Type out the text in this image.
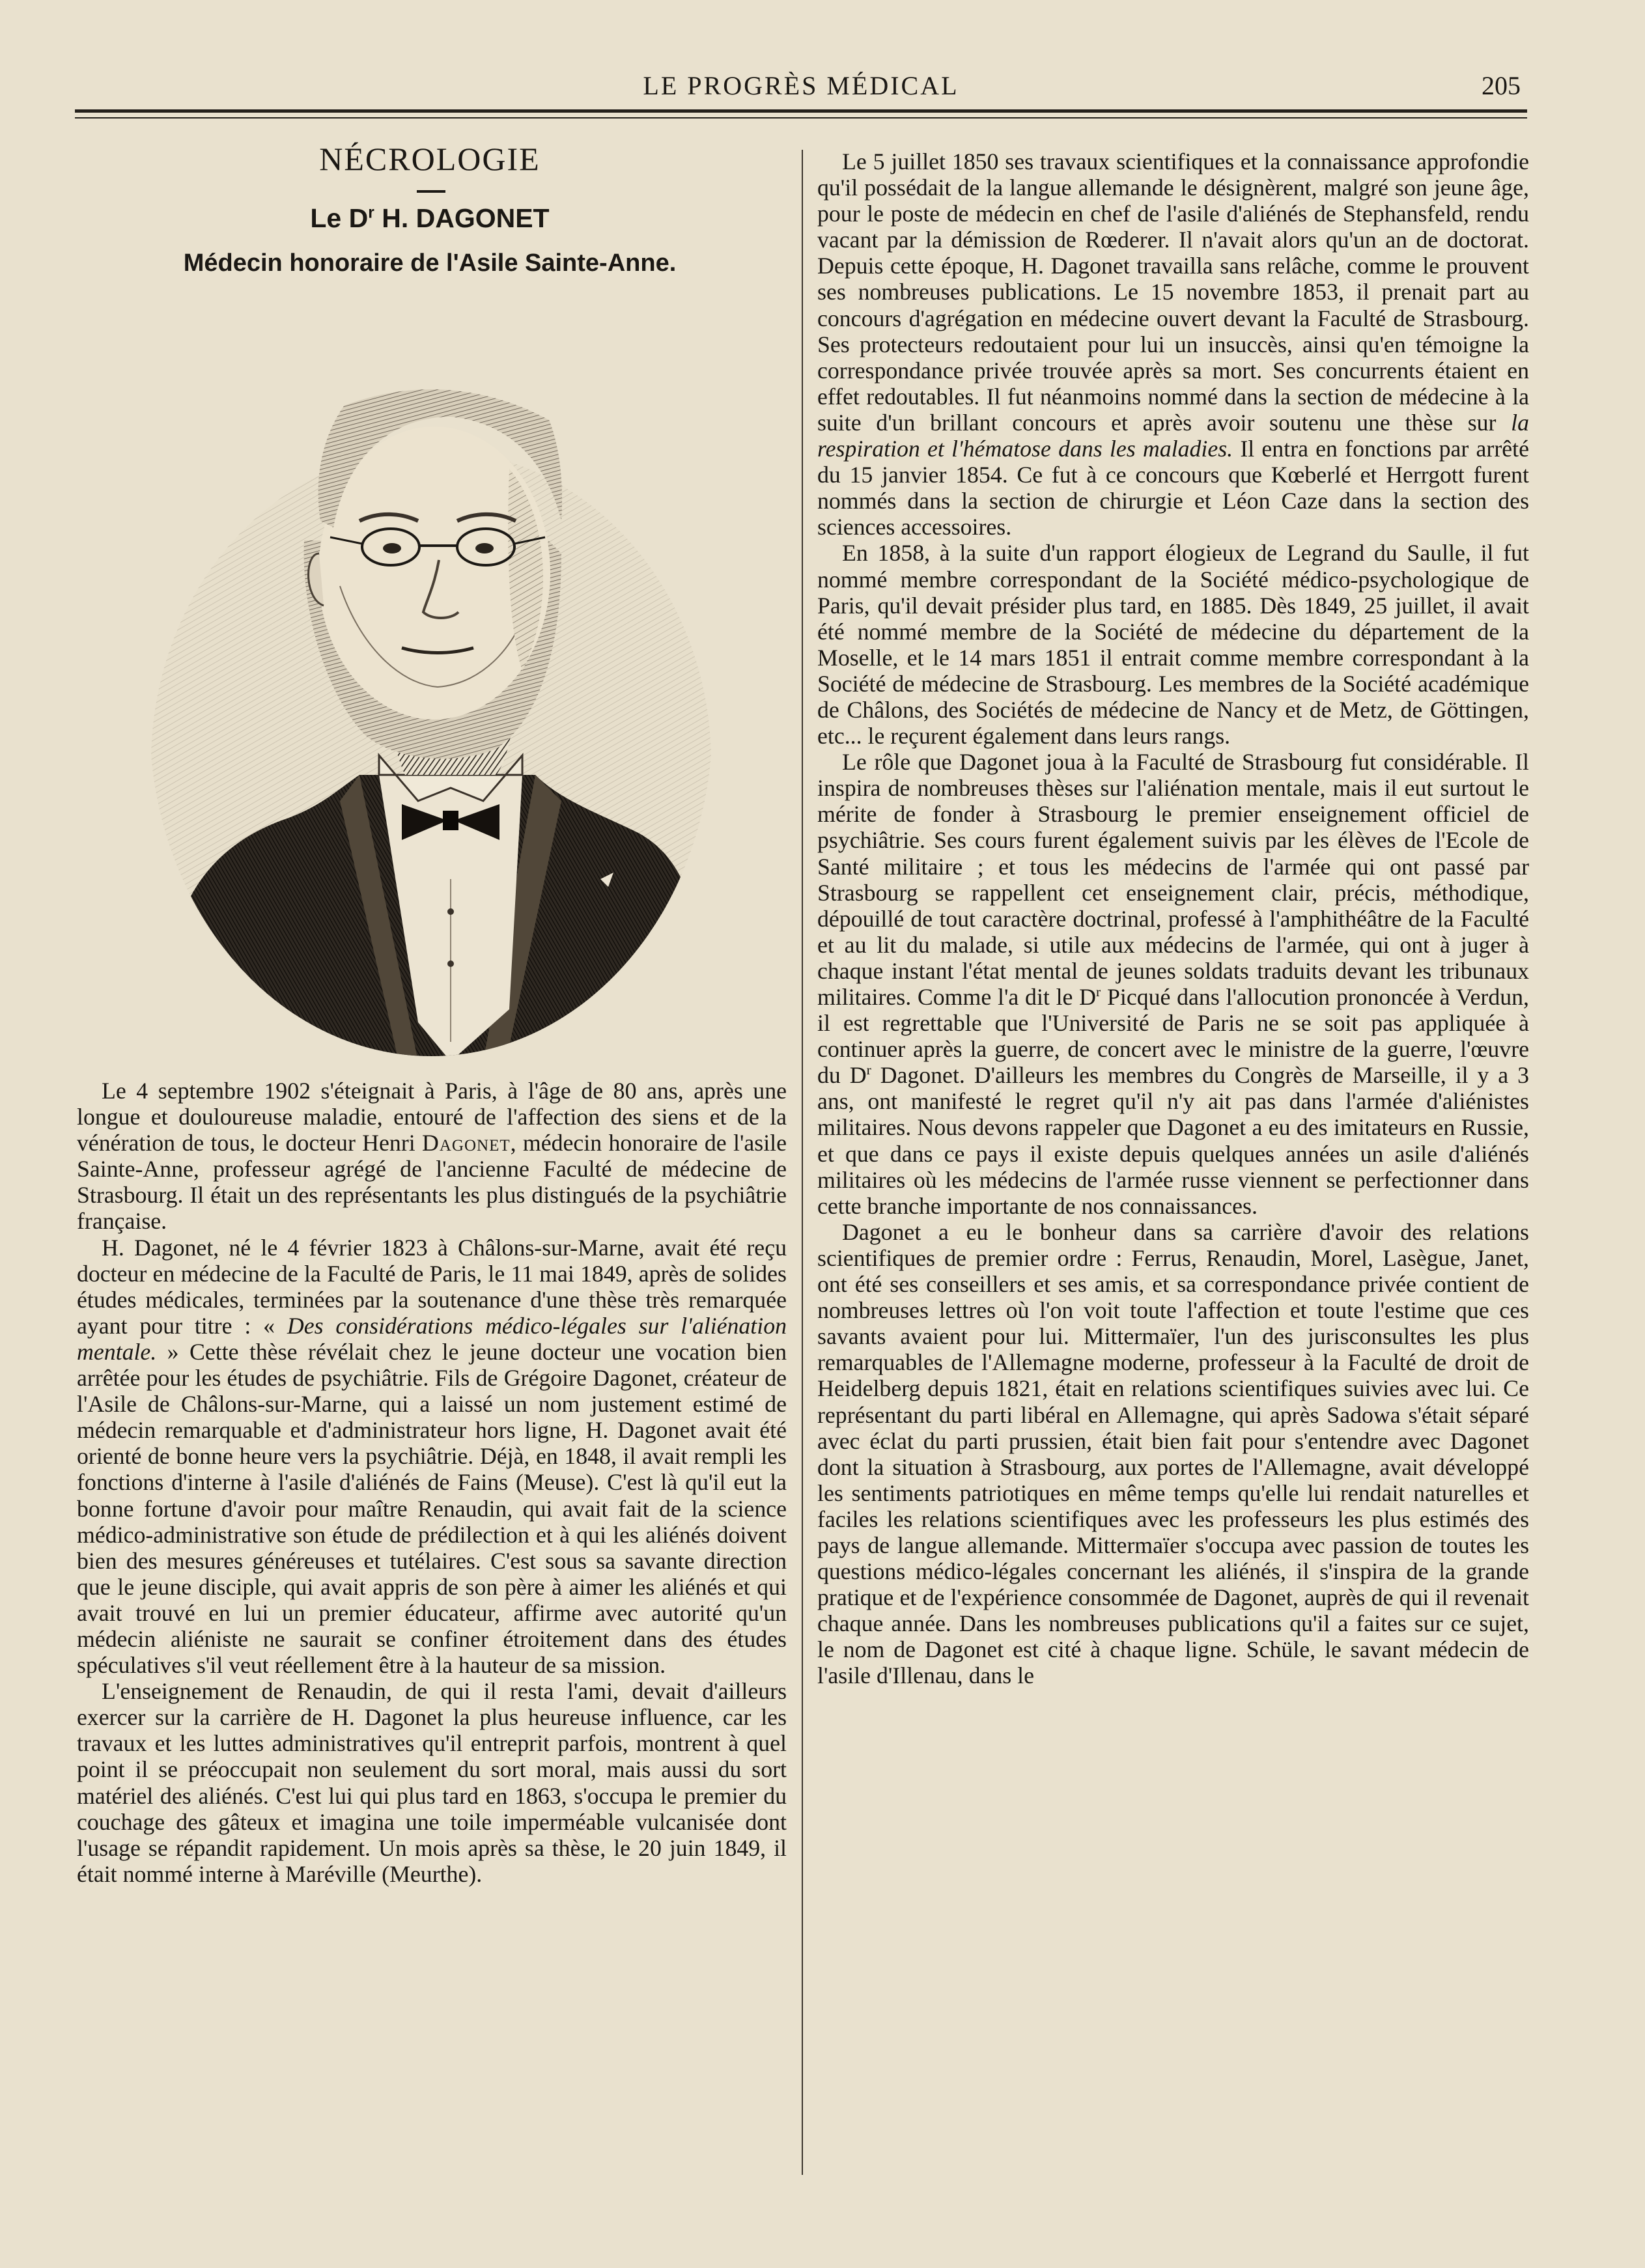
LE PROGRÈS MÉDICAL	205
NÉCROLOGIE
Le $D^r$ H. DAGONET
Médecin honoraire de l'Asile Sainte-Anne.

Le 4 septembre 1902 s'éteignait à Paris, à l'âge de 80 ans, après une longue et douloureuse maladie, entouré de l'affection des siens et de la vénération de tous, le docteur Henri Dagonet, médecin honoraire de l'asile Sainte-Anne, professeur agrégé de l'ancienne Faculté de médecine de Strasbourg. Il était un des représentants les plus distingués de la psychiâtrie française.

H. Dagonet, né le 4 février 1823 à Châlons-sur-Marne, avait été reçu docteur en médecine de la Faculté de Paris, le 11 mai 1849, après de solides études médicales, terminées par la soutenance d'une thèse très remarquée ayant pour titre : « Des considérations médico-légales sur l'aliénation mentale. » Cette thèse révélait chez le jeune docteur une vocation bien arrêtée pour les études de psychiâtrie. Fils de Grégoire Dagonet, créateur de l'Asile de Châlons-sur-Marne, qui a laissé un nom justement estimé de médecin remarquable et d'administrateur hors ligne, H. Dagonet avait été orienté de bonne heure vers la psychiâtrie. Déjà, en 1848, il avait rempli les fonctions d'interne à l'asile d'aliénés de Fains (Meuse). C'est là qu'il eut la bonne fortune d'avoir pour maître Renaudin, qui avait fait de la science médico-administrative son étude de prédilection et à qui les aliénés doivent bien des mesures généreuses et tutélaires. C'est sous sa savante direction que le jeune disciple, qui avait appris de son père à aimer les aliénés et qui avait trouvé en lui un premier éducateur, affirme avec autorité qu'un médecin aliéniste ne saurait se confiner étroitement dans des études spéculatives s'il veut réellement être à la hauteur de sa mission.

L'enseignement de Renaudin, de qui il resta l'ami, devait d'ailleurs exercer sur la carrière de H. Dagonet la plus heureuse influence, car les travaux et les luttes administratives qu'il entreprit parfois, montrent à quel point il se préoccupait non seulement du sort moral, mais aussi du sort matériel des aliénés. C'est lui qui plus tard en 1863, s'occupa le premier du couchage des gâteux et imagina une toile imperméable vulcanisée dont l'usage se répandit rapidement. Un mois après sa thèse, le 20 juin 1849, il était nommé interne à Maréville (Meurthe).

Le 5 juillet 1850 ses travaux scientifiques et la connaissance approfondie qu'il possédait de la langue allemande le désignèrent, malgré son jeune âge, pour le poste de médecin en chef de l'asile d'aliénés de Stephansfeld, rendu vacant par la démission de Rœderer. Il n'avait alors qu'un an de doctorat. Depuis cette époque, H. Dagonet travailla sans relâche, comme le prouvent ses nombreuses publications. Le 15 novembre 1853, il prenait part au concours d'agrégation en médecine ouvert devant la Faculté de Strasbourg. Ses protecteurs redoutaient pour lui un insuccès, ainsi qu'en témoigne la correspondance privée trouvée après sa mort. Ses concurrents étaient en effet redoutables. Il fut néanmoins nommé dans la section de médecine à la suite d'un brillant concours et après avoir soutenu une thèse sur la respiration et l'hématose dans les maladies. Il entra en fonctions par arrêté du 15 janvier 1854. Ce fut à ce concours que Kœberlé et Herrgott furent nommés dans la section de chirurgie et Léon Caze dans la section des sciences accessoires.

En 1858, à la suite d'un rapport élogieux de Legrand du Saulle, il fut nommé membre correspondant de la Société médico-psychologique de Paris, qu'il devait présider plus tard, en 1885. Dès 1849, 25 juillet, il avait été nommé membre de la Société de médecine du département de la Moselle, et le 14 mars 1851 il entrait comme membre correspondant à la Société de médecine de Strasbourg. Les membres de la Société académique de Châlons, des Sociétés de médecine de Nancy et de Metz, de Göttingen, etc... le reçurent également dans leurs rangs.

Le rôle que Dagonet joua à la Faculté de Strasbourg fut considérable. Il inspira de nombreuses thèses sur l'aliénation mentale, mais il eut surtout le mérite de fonder à Strasbourg le premier enseignement officiel de psychiâtrie. Ses cours furent également suivis par les élèves de l'Ecole de Santé militaire ; et tous les médecins de l'armée qui ont passé par Strasbourg se rappellent cet enseignement clair, précis, méthodique, dépouillé de tout caractère doctrinal, professé à l'amphithéâtre de la Faculté et au lit du malade, si utile aux médecins de l'armée, qui ont à juger à chaque instant l'état mental de jeunes soldats traduits devant les tribunaux militaires. Comme l'a dit le $D^r$ Picqué dans l'allocution prononcée à Verdun, il est regrettable que l'Université de Paris ne se soit pas appliquée à continuer après la guerre, de concert avec le ministre de la guerre, l'œuvre du $D^r$ Dagonet. D'ailleurs les membres du Congrès de Marseille, il y a 3 ans, ont manifesté le regret qu'il n'y ait pas dans l'armée d'aliénistes militaires. Nous devons rappeler que Dagonet a eu des imitateurs en Russie, et que dans ce pays il existe depuis quelques années un asile d'aliénés militaires où les médecins de l'armée russe viennent se perfectionner dans cette branche importante de nos connaissances.

Dagonet a eu le bonheur dans sa carrière d'avoir des relations scientifiques de premier ordre : Ferrus, Renaudin, Morel, Lasègue, Janet, ont été ses conseillers et ses amis, et sa correspondance privée contient de nombreuses lettres où l'on voit toute l'affection et toute l'estime que ces savants avaient pour lui. Mittermaïer, l'un des jurisconsultes les plus remarquables de l'Allemagne moderne, professeur à la Faculté de droit de Heidelberg depuis 1821, était en relations scientifiques suivies avec lui. Ce représentant du parti libéral en Allemagne, qui après Sadowa s'était séparé avec éclat du parti prussien, était bien fait pour s'entendre avec Dagonet dont la situation à Strasbourg, aux portes de l'Allemagne, avait développé les sentiments patriotiques en même temps qu'elle lui rendait naturelles et faciles les relations scientifiques avec les professeurs les plus estimés des pays de langue allemande. Mittermaïer s'occupa avec passion de toutes les questions médico-légales concernant les aliénés, il s'inspira de la grande pratique et de l'expérience consommée de Dagonet, auprès de qui il revenait chaque année. Dans les nombreuses publications qu'il a faites sur ce sujet, le nom de Dagonet est cité à chaque ligne. Schüle, le savant médecin de l'asile d'Illenau, dans le
